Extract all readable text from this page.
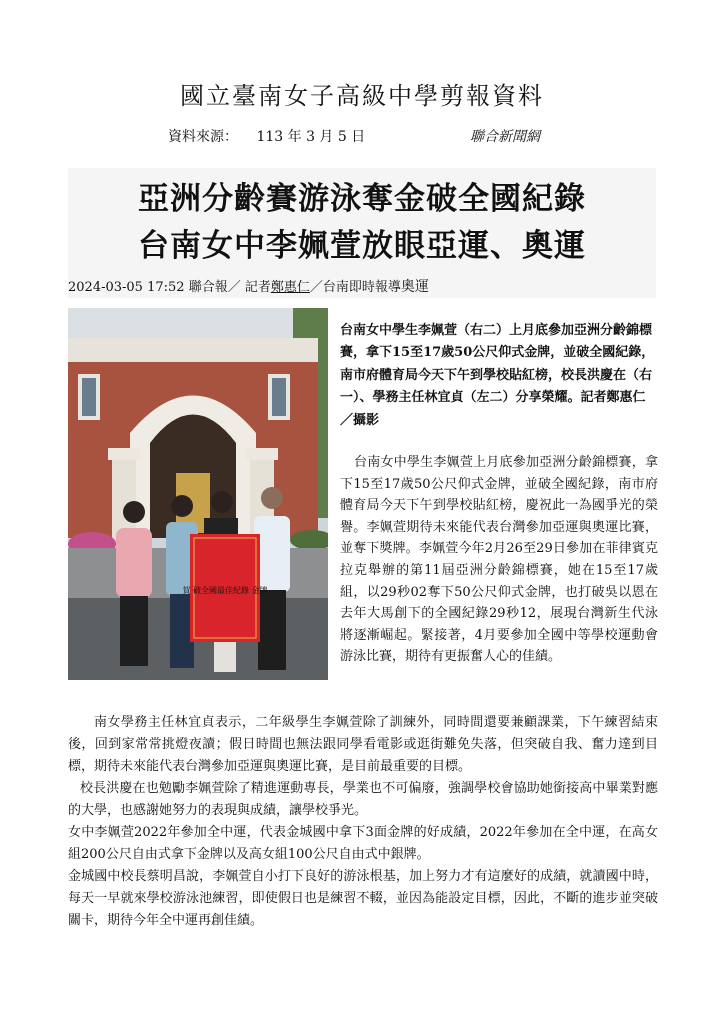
國立臺南女子高級中學剪報資料
資料來源： 113 年 3 月 5 日	聯合新聞網
亞洲分齡賽游泳奪金破全國紀錄
台南女中李姵萱放眼亞運、奧運
2024-03-05 17:52 聯合報／ 記者鄭惠仁／台南即時報導奧運
賀 破全國最佳紀錄 金牌
台南女中學生李姵萱（右二）上月底參加亞洲分齡錦標賽，拿下15至17歲50公尺仰式金牌，並破全國紀錄，南市府體育局今天下午到學校貼紅榜，校長洪慶在（右一）、學務主任林宜貞（左二）分享榮耀。記者鄭惠仁／攝影

台南女中學生李姵萱上月底參加亞洲分齡錦標賽，拿下15至17歲50公尺仰式金牌，並破全國紀錄，南市府體育局今天下午到學校貼紅榜，慶祝此一為國爭光的榮譽。李姵萱期待未來能代表台灣參加亞運與奧運比賽，並奪下獎牌。李姵萱今年2月26至29日參加在菲律賓克拉克舉辦的第11屆亞洲分齡錦標賽，她在15至17歲組，以29秒02奪下50公尺仰式金牌，也打破吳以恩在去年大馬創下的全國紀錄29秒12，展現台灣新生代泳將逐漸崛起。緊接著，4月要參加全國中等學校運動會游泳比賽，期待有更振奮人心的佳績。

南女學務主任林宜貞表示，二年級學生李姵萱除了訓練外，同時間還要兼顧課業，下午練習結束後，回到家常常挑燈夜讀；假日時間也無法跟同學看電影或逛街難免失落，但突破自我、奮力達到目標，期待未來能代表台灣參加亞運與奧運比賽，是目前最重要的目標。

校長洪慶在也勉勵李姵萱除了精進運動專長，學業也不可偏廢，強調學校會協助她銜接高中畢業對應的大學，也感謝她努力的表現與成績，讓學校爭光。

女中李姵萱2022年參加全中運，代表金城國中拿下3面金牌的好成績，2022年參加在全中運，在高女組200公尺自由式拿下金牌以及高女組100公尺自由式中銀牌。

金城國中校長蔡明昌說，李姵萱自小打下良好的游泳根基，加上努力才有這麼好的成績，就讀國中時，每天一早就來學校游泳池練習，即使假日也是練習不輟，並因為能設定目標，因此，不斷的進步並突破關卡，期待今年全中運再創佳績。
